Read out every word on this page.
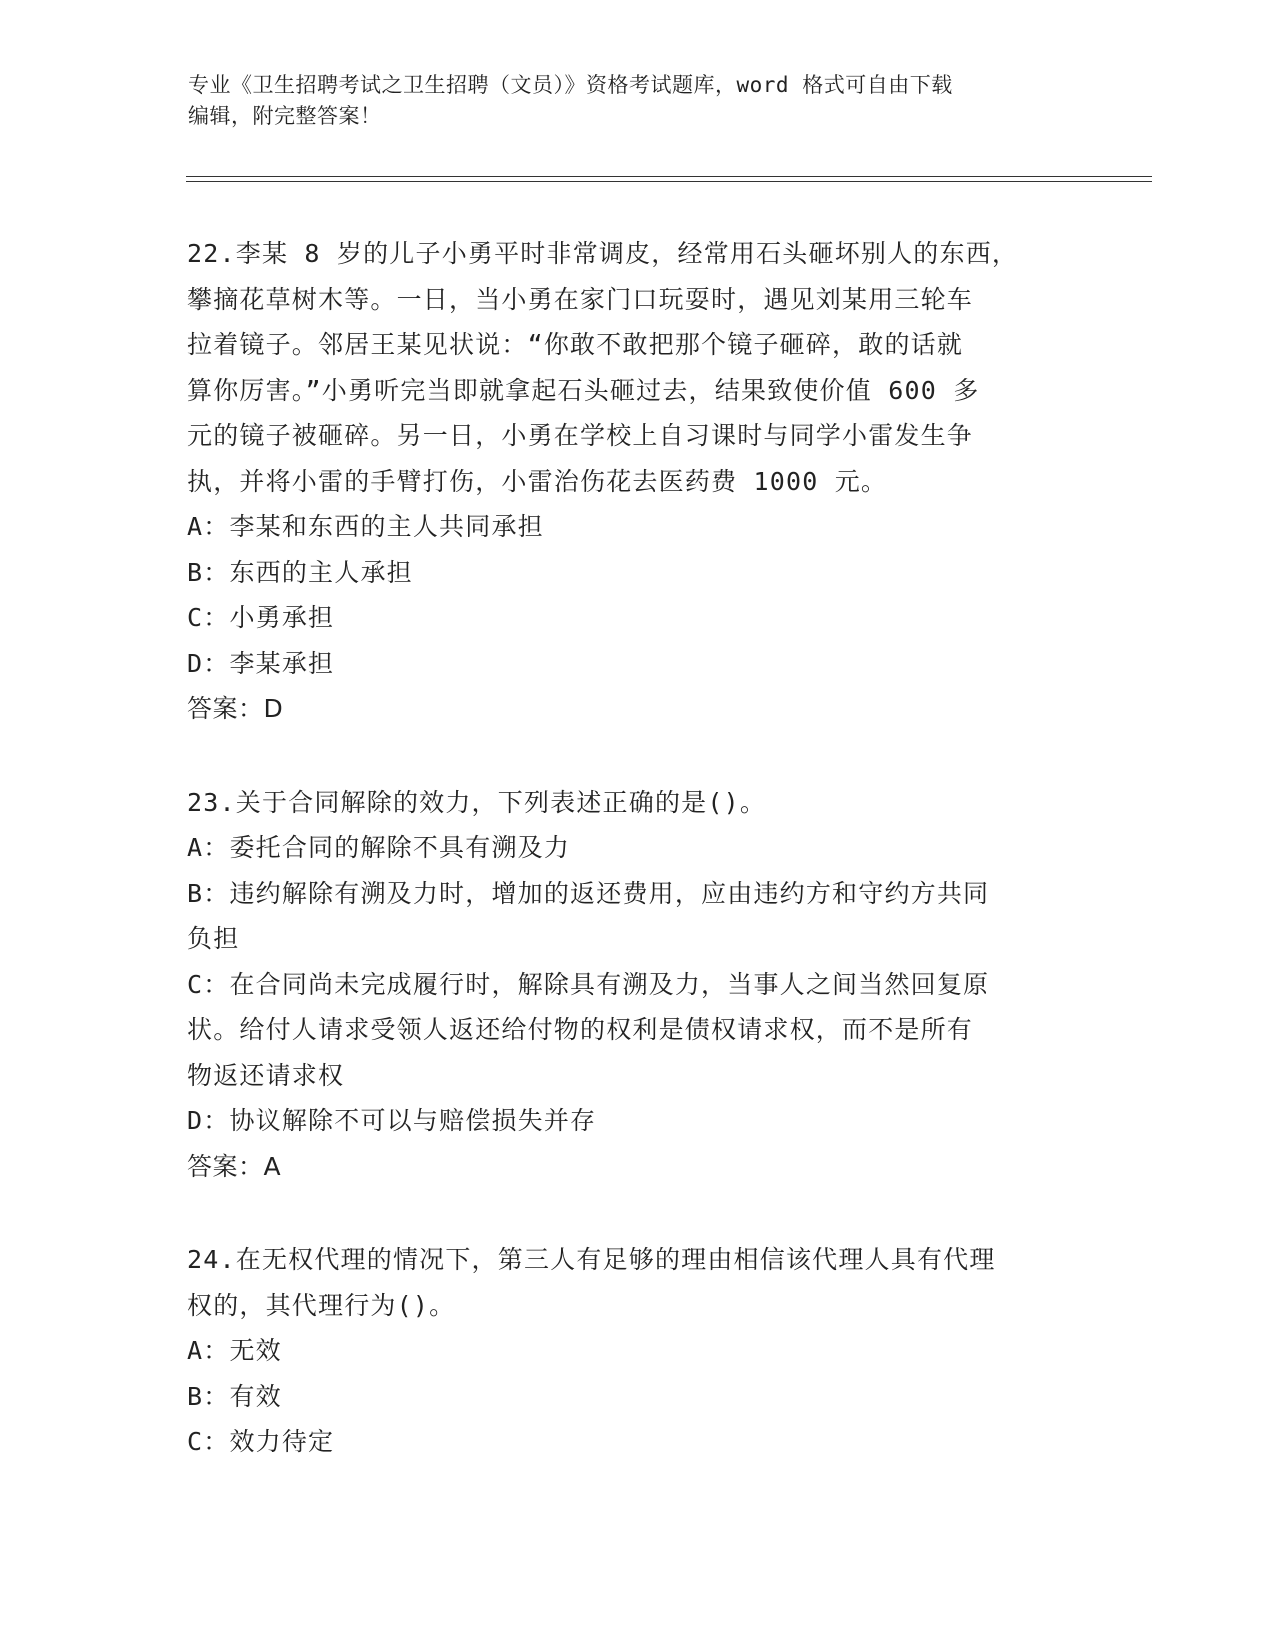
专业《卫生招聘考试之卫生招聘（文员）》资格考试题库，word 格式可自由下载
编辑，附完整答案！
22.李某 8 岁的儿子小勇平时非常调皮，经常用石头砸坏别人的东西，
攀摘花草树木等。一日，当小勇在家门口玩耍时，遇见刘某用三轮车
拉着镜子。邻居王某见状说：“你敢不敢把那个镜子砸碎，敢的话就
算你厉害。”小勇听完当即就拿起石头砸过去，结果致使价值 600 多
元的镜子被砸碎。另一日，小勇在学校上自习课时与同学小雷发生争
执，并将小雷的手臂打伤，小雷治伤花去医药费 1000 元。
A：李某和东西的主人共同承担
B：东西的主人承担
C：小勇承担
D：李某承担
答案：D
23.关于合同解除的效力，下列表述正确的是()。
A：委托合同的解除不具有溯及力
B：违约解除有溯及力时，增加的返还费用，应由违约方和守约方共同
负担
C：在合同尚未完成履行时，解除具有溯及力，当事人之间当然回复原
状。给付人请求受领人返还给付物的权利是债权请求权，而不是所有
物返还请求权
D：协议解除不可以与赔偿损失并存
答案：A
24.在无权代理的情况下，第三人有足够的理由相信该代理人具有代理
权的，其代理行为()。
A：无效
B：有效
C：效力待定
